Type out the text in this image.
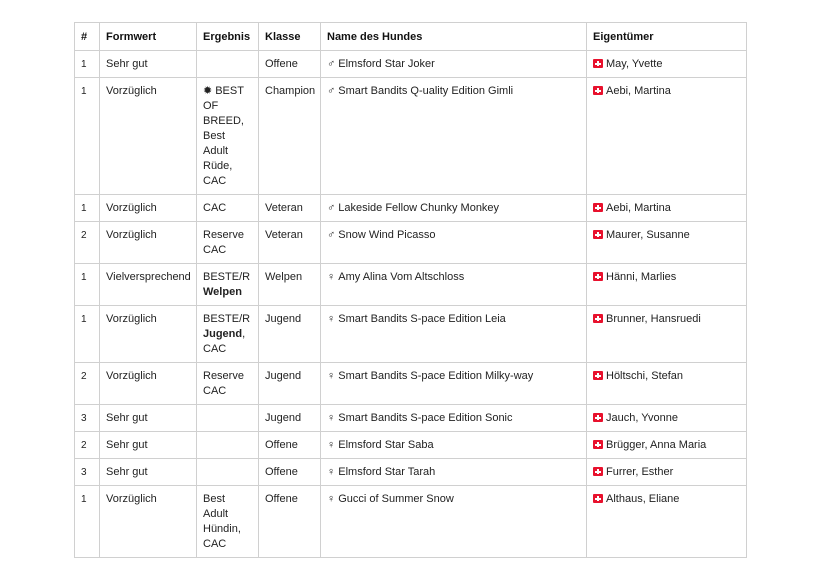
#	Formwert	Ergebnis	Klasse	Name des Hundes	Eigentümer
1	Sehr gut		Offene	♂ Elmsford Star Joker	May, Yvette
1	Vorzüglich	✹ BEST OF BREED, Best Adult Rüde, CAC	Champion	♂ Smart Bandits Q-uality Edition Gimli	Aebi, Martina
1	Vorzüglich	CAC	Veteran	♂ Lakeside Fellow Chunky Monkey	Aebi, Martina
2	Vorzüglich	Reserve CAC	Veteran	♂ Snow Wind Picasso	Maurer, Susanne
1	Vielversprechend	BESTE/R Welpen	Welpen	♀ Amy Alina Vom Altschloss	Hänni, Marlies
1	Vorzüglich	BESTE/R Jugend, CAC	Jugend	♀ Smart Bandits S-pace Edition Leia	Brunner, Hansruedi
2	Vorzüglich	Reserve CAC	Jugend	♀ Smart Bandits S-pace Edition Milky-way	Höltschi, Stefan
3	Sehr gut		Jugend	♀ Smart Bandits S-pace Edition Sonic	Jauch, Yvonne
2	Sehr gut		Offene	♀ Elmsford Star Saba	Brügger, Anna Maria
3	Sehr gut		Offene	♀ Elmsford Star Tarah	Furrer, Esther
1	Vorzüglich	Best Adult Hündin, CAC	Offene	♀ Gucci of Summer Snow	Althaus, Eliane
